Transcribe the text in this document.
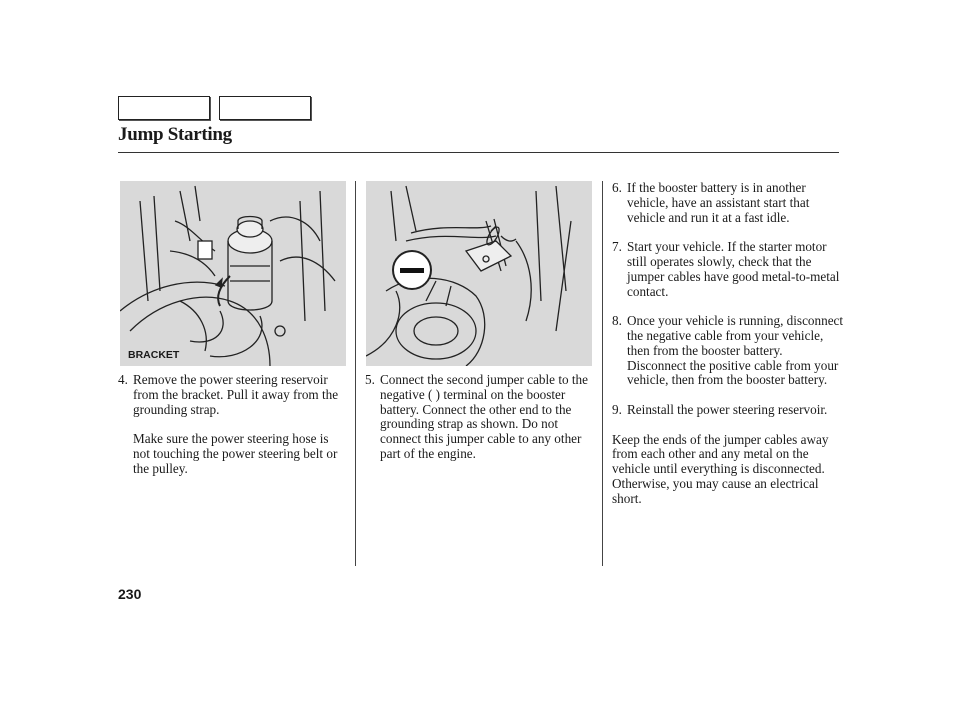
Jump Starting
BRACKET
4. Remove the power steering reservoir from the bracket. Pull it away from the grounding strap.
Make sure the power steering hose is not touching the power steering belt or the pulley.
5. Connect the second jumper cable to the negative ( ) terminal on the booster battery. Connect the other end to the grounding strap as shown. Do not connect this jumper cable to any other part of the engine.
6. If the booster battery is in another vehicle, have an assistant start that vehicle and run it at a fast idle.
7. Start your vehicle. If the starter motor still operates slowly, check that the jumper cables have good metal-to-metal contact.
8. Once your vehicle is running, disconnect the negative cable from your vehicle, then from the booster battery. Disconnect the positive cable from your vehicle, then from the booster battery.
9. Reinstall the power steering reservoir.
Keep the ends of the jumper cables away from each other and any metal on the vehicle until everything is disconnected. Otherwise, you may cause an electrical short.
230
